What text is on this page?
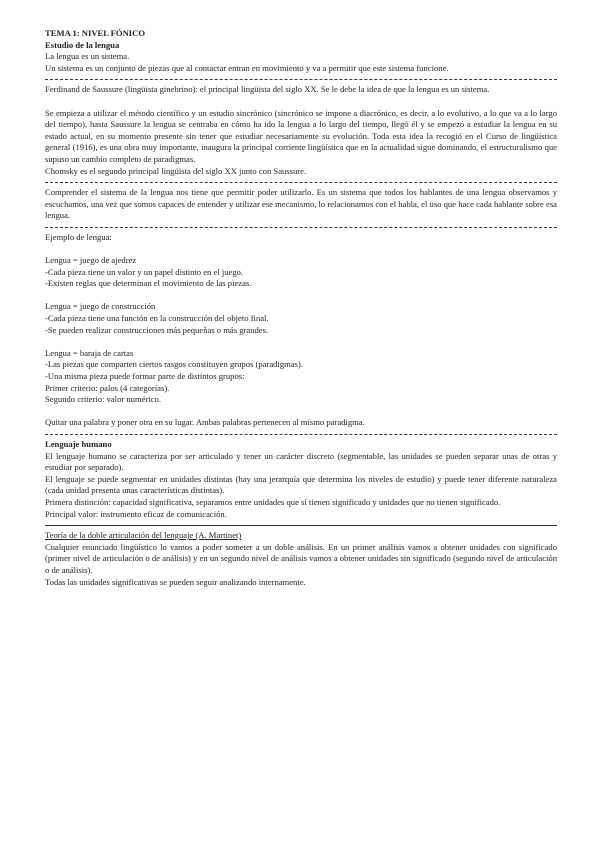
TEMA 1: NIVEL FÓNICO

Estudio de la lengua

La lengua es un sistema.

Un sistema es un conjunto de piezas que al contactar entran en movimiento y va a permitir que este sistema funcione.

Ferdinand de Saussure (lingüista ginebrino): el principal lingüista del siglo XX. Se le debe la idea de que la lengua es un sistema.

Se empieza a utilizar el método científico y un estudio sincrónico (sincrónico se impone a diacrónico, es decir, a lo evolutivo, a lo que va a lo largo del tiempo), hasta Saussure la lengua se centraba en cómo ha ido la lengua a lo largo del tiempo, llegó él y se empezó a estudiar la lengua en su estado actual, en su momento presente sin tener que estudiar necesariamente su evolución. Toda esta idea la recogió en el Curso de lingüística general (1916), es una obra muy importante, inaugura la principal corriente lingüística que en la actualidad sigue dominando, el estructuralismo que supuso un cambio completo de paradigmas.

Chomsky es el segundo principal lingüista del siglo XX junto con Saussure.

Comprender el sistema de la lengua nos tiene que permitir poder utilizarlo. Es un sistema que todos los hablantes de una lengua observamos y escuchamos, una vez que somos capaces de entender y utilizar ese mecanismo, lo relacionamos con el habla, el uso que hace cada hablante sobre esa lengua.

Ejemplo de lengua:

Lengua = juego de ajedrez

-Cada pieza tiene un valor y un papel distinto en el juego.

-Existen reglas que determinan el movimiento de las piezas.

Lengua = juego de construcción

-Cada pieza tiene una función en la construcción del objeto final.

-Se pueden realizar construcciones más pequeñas o más grandes.

Lengua = baraja de cartas

-Las piezas que comparten ciertos rasgos constituyen grupos (paradigmas).

-Una misma pieza puede formar parte de distintos grupos:

Primer criterio: palos (4 categorías).

Segundo criterio: valor numérico.

Quitar una palabra y poner otra en su lugar. Ambas palabras pertenecen al mismo paradigma.

Lenguaje humano

El lenguaje humano se caracteriza por ser articulado y tener un carácter discreto (segmentable, las unidades se pueden separar unas de otras y estudiar por separado).

El lenguaje se puede segmentar en unidades distintas (hay una jerarquía que determina los niveles de estudio) y puede tener diferente naturaleza (cada unidad presenta unas características distintas).

Primera distinción: capacidad significativa, separamos entre unidades que sí tienen significado y unidades que no tienen significado.

Principal valor: instrumento eficaz de comunicación.

Teoría de la doble articulación del lenguaje (A. Martinet)

Cualquier enunciado lingüístico lo vamos a poder someter a un doble análisis. En un primer análisis vamos a obtener unidades con significado (primer nivel de articulación o de análisis) y en un segundo nivel de análisis vamos a obtener unidades sin significado (segundo nivel de articulación o de análisis).

Todas las unidades significativas se pueden seguir analizando internamente.
